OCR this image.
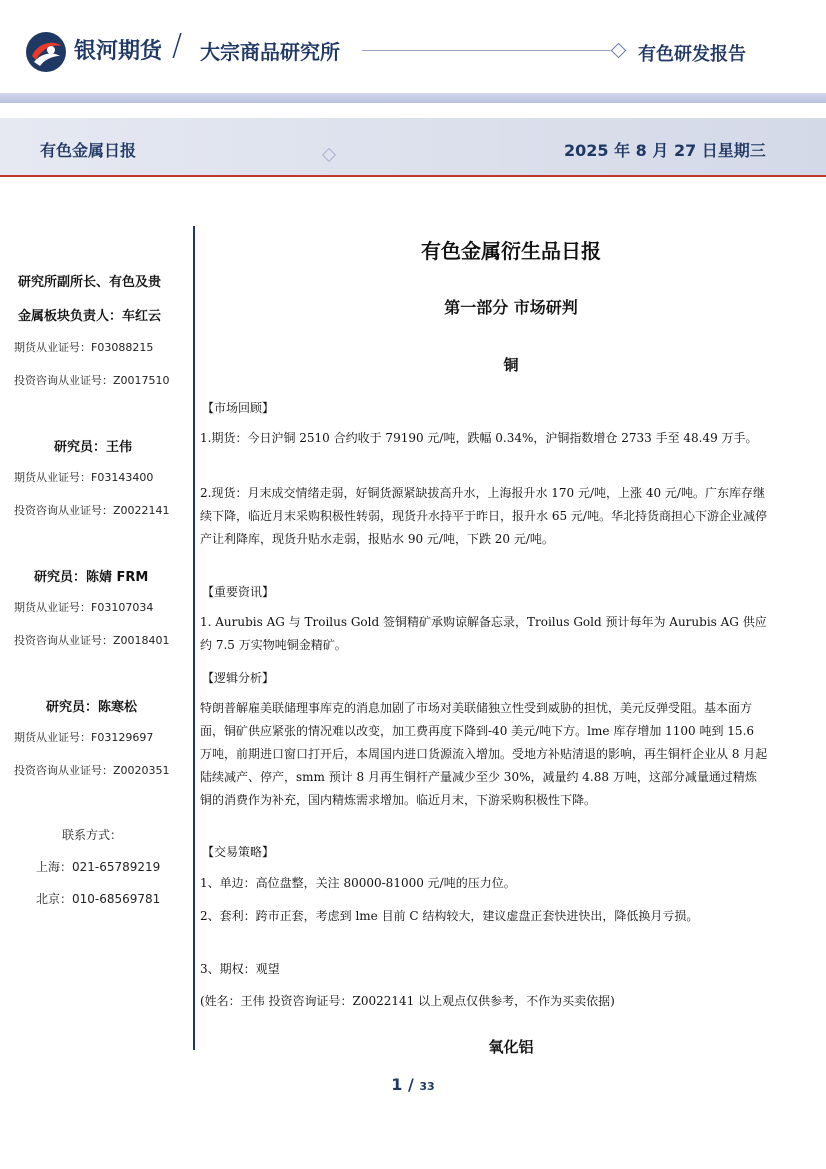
银河期货 / 大宗商品研究所	有色研发报告
有色金属日报	2025 年 8 月 27 日星期三
研究所副所长、有色及贵
金属板块负责人：车红云
期货从业证号：F03088215
投资咨询从业证号：Z0017510
研究员：王伟
期货从业证号：F03143400
投资咨询从业证号：Z0022141
研究员：陈婧 FRM
期货从业证号：F03107034
投资咨询从业证号：Z0018401
研究员：陈寒松
期货从业证号：F03129697
投资咨询从业证号：Z0020351
联系方式：
上海：021-65789219
北京：010-68569781
有色金属衍生品日报
第一部分 市场研判
铜
【市场回顾】
1.期货：今日沪铜 2510 合约收于 79190 元/吨，跌幅 0.34%，沪铜指数增仓 2733 手至 48.49 万手。
2.现货：月末成交情绪走弱，好铜货源紧缺拔高升水，上海报升水 170 元/吨，上涨 40 元/吨。广东库存继续下降，临近月末采购积极性转弱，现货升水持平于昨日，报升水 65 元/吨。华北持货商担心下游企业减停产让利降库，现货升贴水走弱，报贴水 90 元/吨，下跌 20 元/吨。
【重要资讯】
1. Aurubis AG 与 Troilus Gold 签铜精矿承购谅解备忘录，Troilus Gold 预计每年为 Aurubis AG 供应约 7.5 万实物吨铜金精矿。
【逻辑分析】
特朗普解雇美联储理事库克的消息加剧了市场对美联储独立性受到威胁的担忧，美元反弹受阻。基本面方面，铜矿供应紧张的情况难以改变，加工费再度下降到-40 美元/吨下方。lme 库存增加 1100 吨到 15.6 万吨，前期进口窗口打开后，本周国内进口货源流入增加。受地方补贴清退的影响，再生铜杆企业从 8 月起陆续减产、停产，smm 预计 8 月再生铜杆产量减少至少 30%，减量约 4.88 万吨，这部分减量通过精炼铜的消费作为补充，国内精炼需求增加。临近月末，下游采购积极性下降。
【交易策略】
1、单边：高位盘整，关注 80000-81000 元/吨的压力位。
2、套利：跨市正套，考虑到 lme 目前 C 结构较大，建议虚盘正套快进快出，降低换月亏损。
3、期权：观望
(姓名：王伟 投资咨询证号：Z0022141 以上观点仅供参考，不作为买卖依据)
氧化铝
1 / 33
